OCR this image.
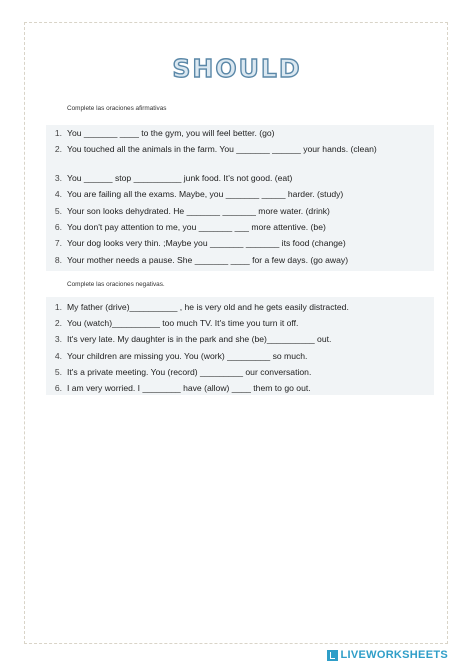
SHOULD
Complete las oraciones afirmativas
1. You _______ ____ to the gym, you will feel better. (go)
2. You touched all the animals in the farm. You _______ ______ your hands. (clean)
3. You ______ stop __________ junk food. It's not good. (eat)
4. You are failing all the exams. Maybe, you _______ _____ harder. (study)
5. Your son looks dehydrated. He _______ _______ more water. (drink)
6. You don't pay attention to me, you _______ ___ more attentive. (be)
7. Your dog looks very thin. ;Maybe you _______ _______ its food (change)
8. Your mother needs a pause. She _______ ____ for a few days. (go away)
Complete las oraciones negativas.
1. My father (drive)__________ , he is very old and he gets easily distracted.
2. You (watch)__________ too much TV. It's time you turn it off.
3. It's very late. My daughter is in the park and she (be)__________ out.
4. Your children are missing you. You (work) _________ so much.
5. It's a private meeting. You (record) _________ our conversation.
6. I am very worried. I ________ have (allow) ____ them to go out.
LIVEWORKSHEETS
